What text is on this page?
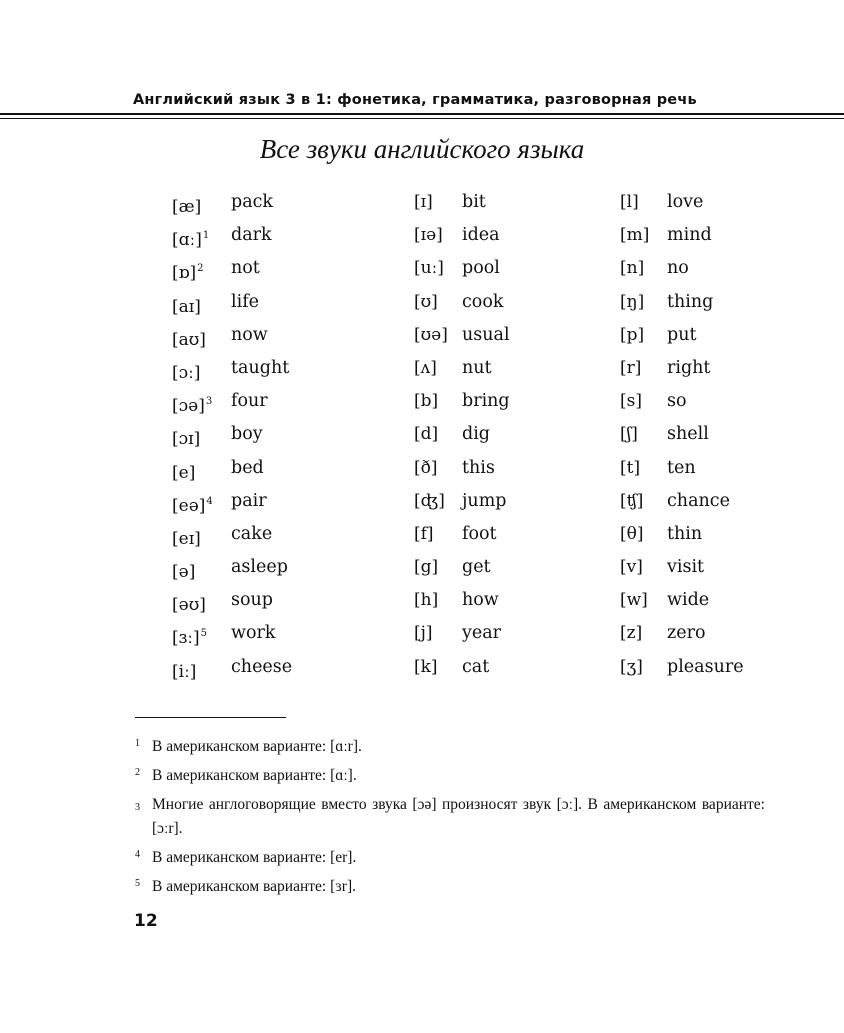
Английский язык 3 в 1: фонетика, грамматика, разговорная речь
Все звуки английского языка
[æ] pack
[ɑː]$^1$ dark
[ɒ]$^2$ not
[aɪ] life
[aʊ] now
[ɔː] taught
[ɔə]$^3$ four
[ɔɪ] boy
[e] bed
[eə]$^4$ pair
[eɪ] cake
[ə] asleep
[əʊ] soup
[ɜː]$^5$ work
[iː] cheese
[ɪ] bit
[ɪə] idea
[uː] pool
[ʊ] cook
[ʊə] usual
[ʌ] nut
[b] bring
[d] dig
[ð] this
[ʤ] jump
[f] foot
[g] get
[h] how
[j] year
[k] cat
[l] love
[m] mind
[n] no
[ŋ] thing
[p] put
[r] right
[s] so
[ʃ] shell
[t] ten
[ʧ] chance
[θ] thin
[v] visit
[w] wide
[z] zero
[ʒ] pleasure
1 В американском варианте: [ɑːr].
2 В американском варианте: [ɑː].
3 Многие англоговорящие вместо звука [ɔə] произносят звук [ɔː]. В американском варианте: [ɔːr].
4 В американском варианте: [er].
5 В американском варианте: [ɜr].
12
